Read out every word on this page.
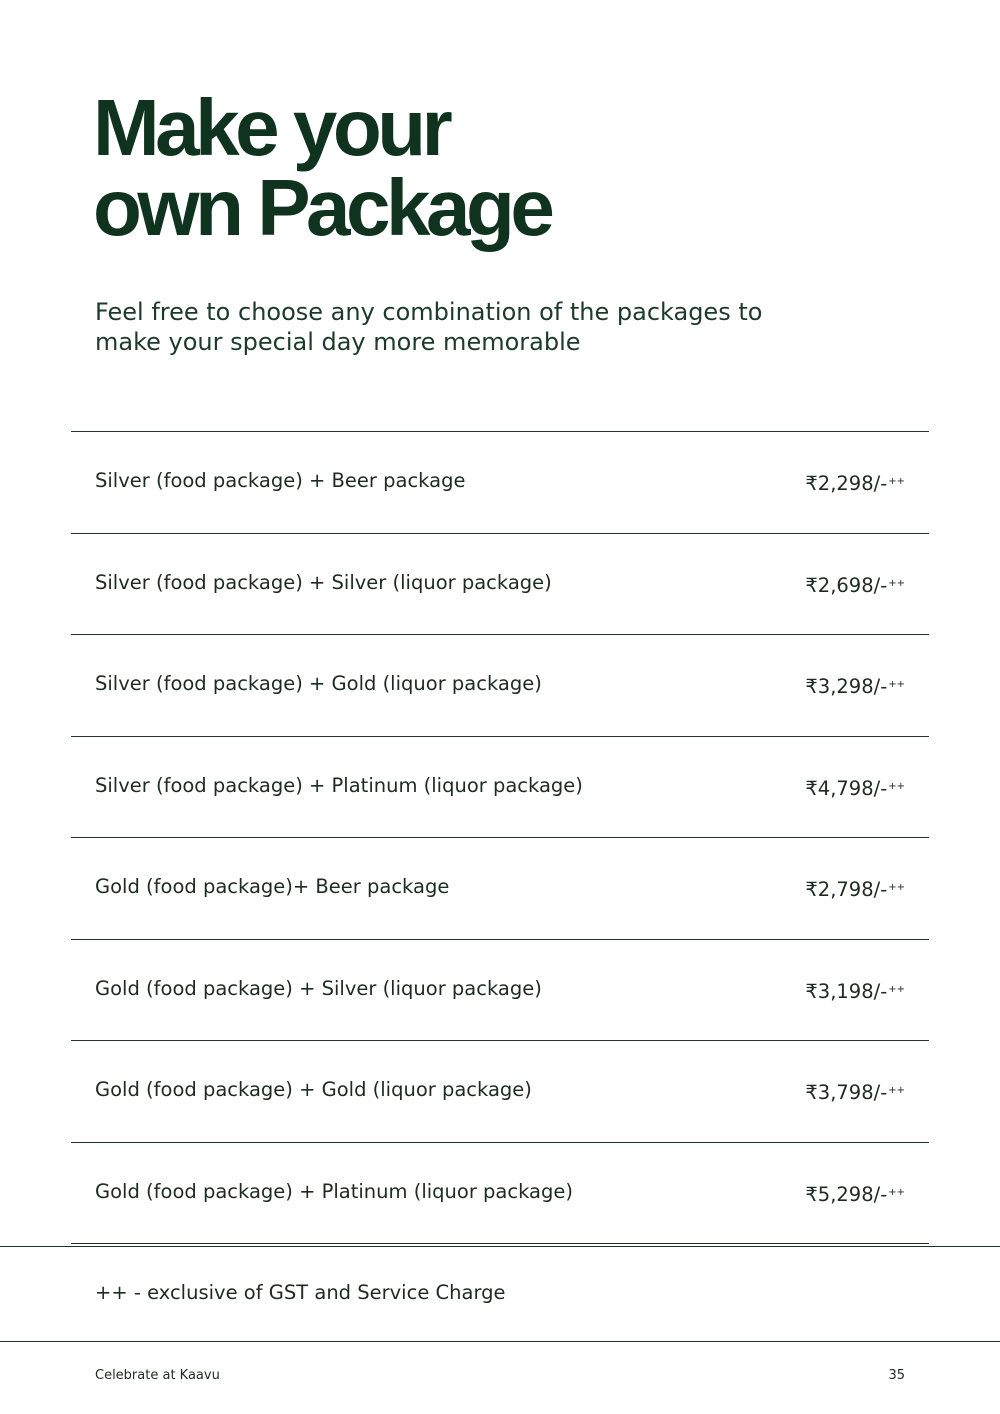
Make your
own Package

Feel free to choose any combination of the packages to
make your special day more memorable

Silver (food package) + Beer package	₹2,298/-++
Silver (food package) + Silver (liquor package)	₹2,698/-++
Silver (food package) + Gold (liquor package)	₹3,298/-++
Silver (food package) + Platinum (liquor package)	₹4,798/-++
Gold (food package)+ Beer package	₹2,798/-++
Gold (food package) + Silver (liquor package)	₹3,198/-++
Gold (food package) + Gold (liquor package)	₹3,798/-++
Gold (food package) + Platinum (liquor package)	₹5,298/-++
++ - exclusive of GST and Service Charge
Celebrate at Kaavu	35
